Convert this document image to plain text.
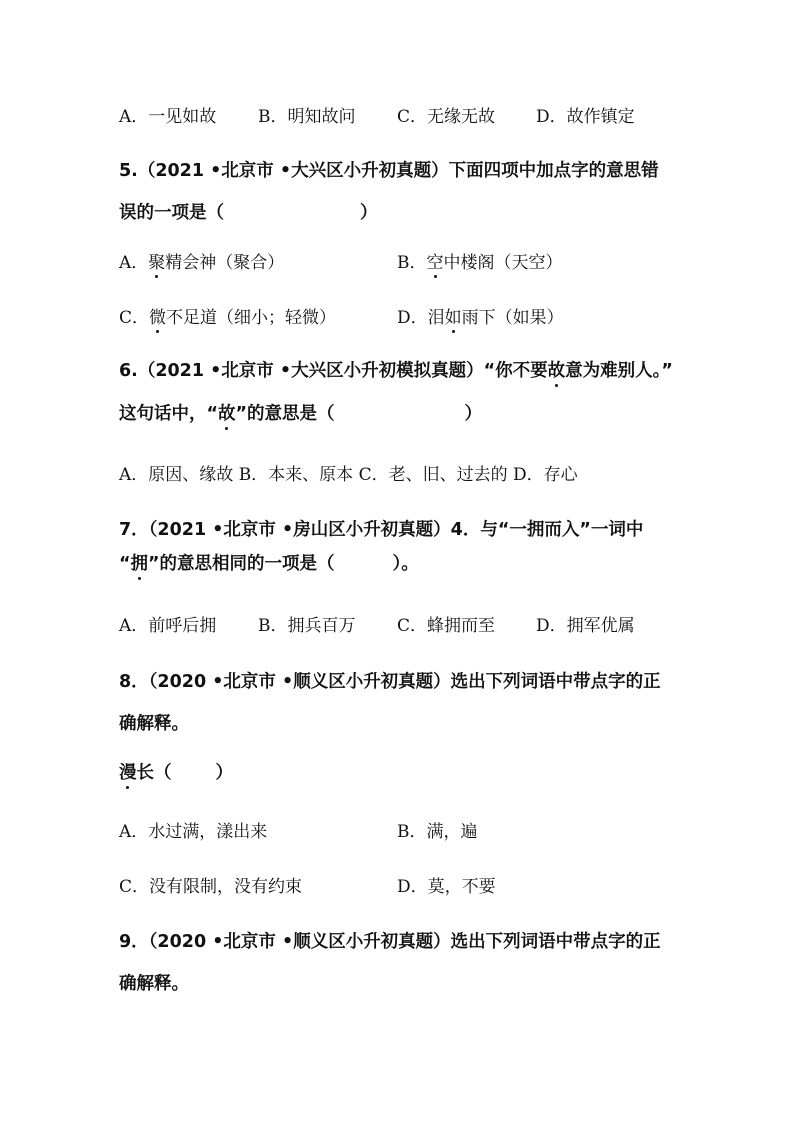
A．一见如故 B．明知故问 C．无缘无故 D．故作镇定
5.（2021 •北京市 •大兴区小升初真题）下面四项中加点字的意思错
误的一项是（	）
A．聚精会神（聚合）	B．空中楼阁（天空）
C．微不足道（细小；轻微）	D．泪如雨下（如果）
6.（2021 •北京市 •大兴区小升初模拟真题）“你不要故意为难别人。”
这句话中，“故”的意思是（	）
A．原因、缘故 B．本来、原本 C．老、旧、过去的 D．存心
7．（2021 •北京市 •房山区小升初真题）4．与“一拥而入”一词中
“拥”的意思相同的一项是（	）。
A．前呼后拥 B．拥兵百万 C．蜂拥而至 D．拥军优属
8．（2020 •北京市 •顺义区小升初真题）选出下列词语中带点字的正
确解释。
漫长（	）
A．水过满，漾出来	B．满，遍
C．没有限制，没有约束	D．莫，不要
9．（2020 •北京市 •顺义区小升初真题）选出下列词语中带点字的正
确解释。
